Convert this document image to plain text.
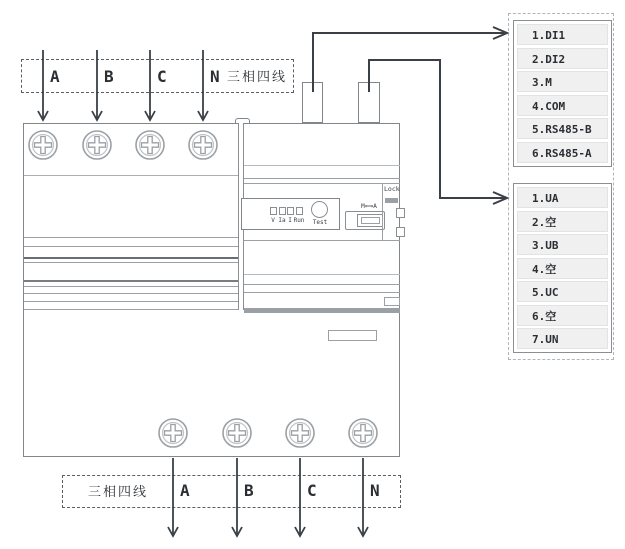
A	B	C	N 三相四线
V Ia I Run Test
M⟺A
Lock
1.DI1
2.DI2
3.M
4.COM
5.RS485-B
6.RS485-A
1.UA
2.空
3.UB
4.空
5.UC
6.空
7.UN
三相四线 A	B	C	N
